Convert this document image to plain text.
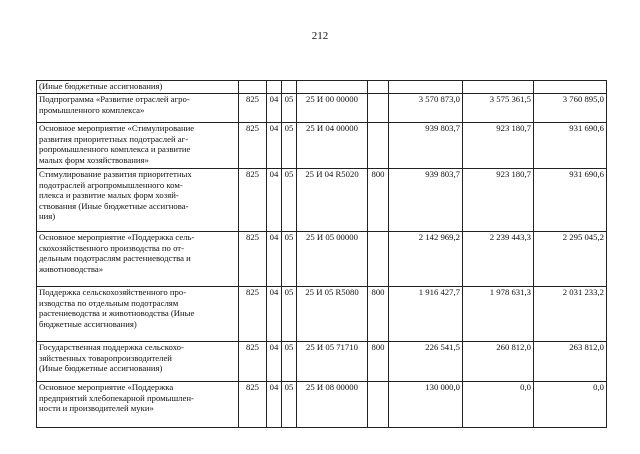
212
(Иные бюджетные ассигнования)								
Подпрограмма «Развитие отраслей агро-
промышленного комплекса»	825	04	05	25 И 00 00000		3 570 873,0	3 575 361,5	3 760 895,0
Основное мероприятие «Стимулирование
развития приоритетных подотраслей аг-
ропромышленного комплекса и развитие
малых форм хозяйствования»	825	04	05	25 И 04 00000		939 803,7	923 180,7	931 690,6
Стимулирование развития приоритетных
подотраслей агропромышленного ком-
плекса и развитие малых форм хозяй-
ствования (Иные бюджетные ассигнова-
ния)	825	04	05	25 И 04 R5020	800	939 803,7	923 180,7	931 690,6
Основное мероприятие «Поддержка сель-
скохозяйственного производства по от-
дельным подотраслям растениеводства и
животноводства»	825	04	05	25 И 05 00000		2 142 969,2	2 239 443,3	2 295 045,2
Поддержка сельскохозяйственного про-
изводства по отдельным подотраслям
растениеводства и животноводства (Иные
бюджетные ассигнования)	825	04	05	25 И 05 R5080	800	1 916 427,7	1 978 631,3	2 031 233,2
Государственная поддержка сельскохо-
зяйственных товаропроизводителей
(Иные бюджетные ассигнования)	825	04	05	25 И 05 71710	800	226 541,5	260 812,0	263 812,0
Основное мероприятие «Поддержка
предприятий хлебопекарной промышлен-
ности и производителей муки»	825	04	05	25 И 08 00000		130 000,0	0,0	0,0
